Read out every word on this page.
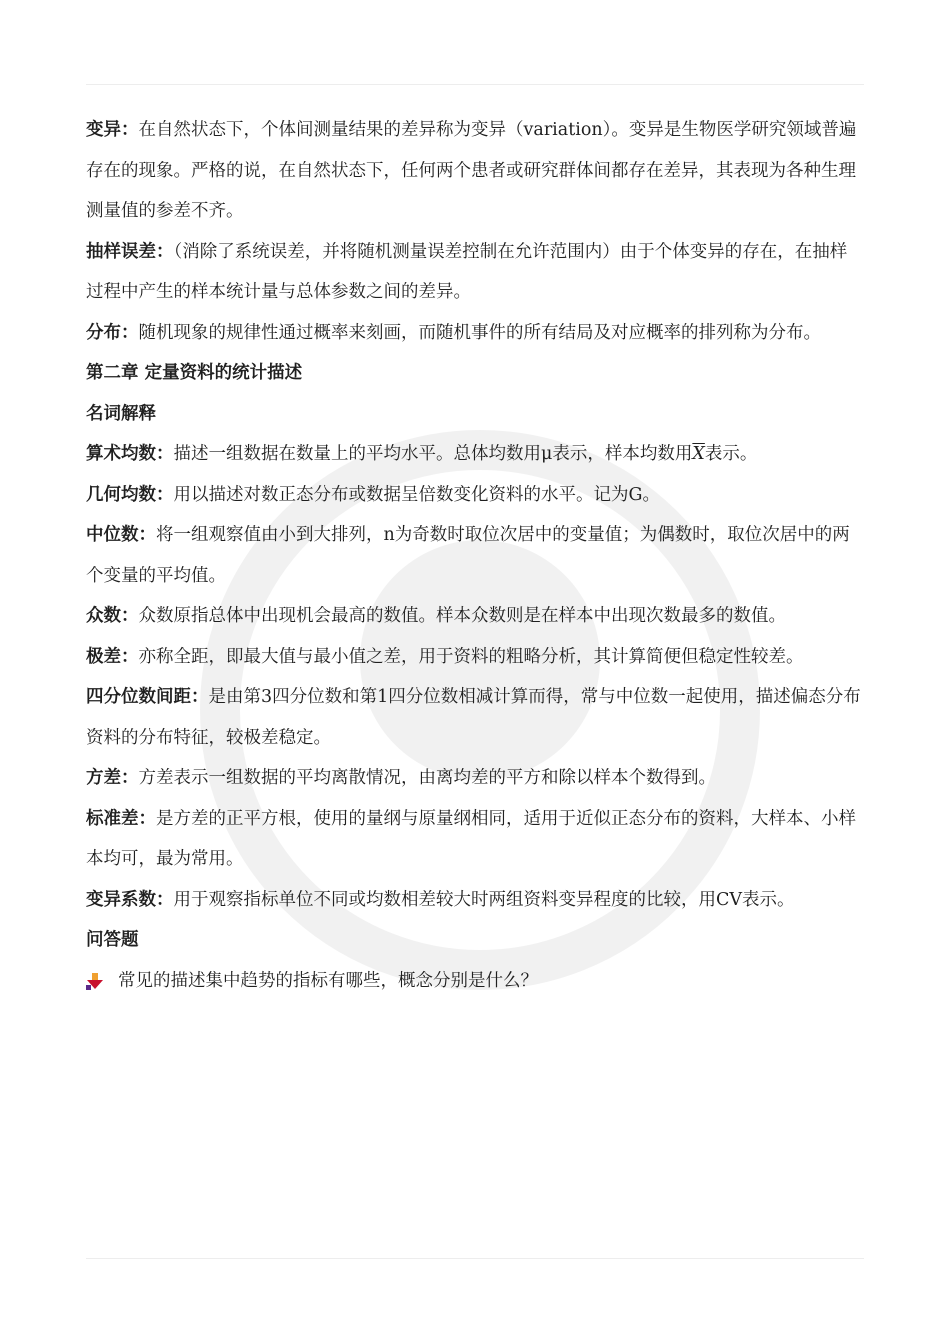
变异：在自然状态下，个体间测量结果的差异称为变异（variation）。变异是生物医学研究领域普遍存在的现象。严格的说，在自然状态下，任何两个患者或研究群体间都存在差异，其表现为各种生理测量值的参差不齐。

抽样误差：（消除了系统误差，并将随机测量误差控制在允许范围内）由于个体变异的存在，在抽样过程中产生的样本统计量与总体参数之间的差异。

分布：随机现象的规律性通过概率来刻画，而随机事件的所有结局及对应概率的排列称为分布。

第二章 定量资料的统计描述

名词解释

算术均数：描述一组数据在数量上的平均水平。总体均数用μ表示，样本均数用$\overline{X}$表示。

几何均数：用以描述对数正态分布或数据呈倍数变化资料的水平。记为G。

中位数：将一组观察值由小到大排列，n为奇数时取位次居中的变量值；为偶数时，取位次居中的两个变量的平均值。

众数：众数原指总体中出现机会最高的数值。样本众数则是在样本中出现次数最多的数值。

极差：亦称全距，即最大值与最小值之差，用于资料的粗略分析，其计算简便但稳定性较差。

四分位数间距：是由第3四分位数和第1四分位数相减计算而得，常与中位数一起使用，描述偏态分布资料的分布特征，较极差稳定。

方差：方差表示一组数据的平均离散情况，由离均差的平方和除以样本个数得到。

标准差：是方差的正平方根，使用的量纲与原量纲相同，适用于近似正态分布的资料，大样本、小样本均可，最为常用。

变异系数：用于观察指标单位不同或均数相差较大时两组资料变异程度的比较，用CV表示。

问答题

常见的描述集中趋势的指标有哪些，概念分别是什么？
